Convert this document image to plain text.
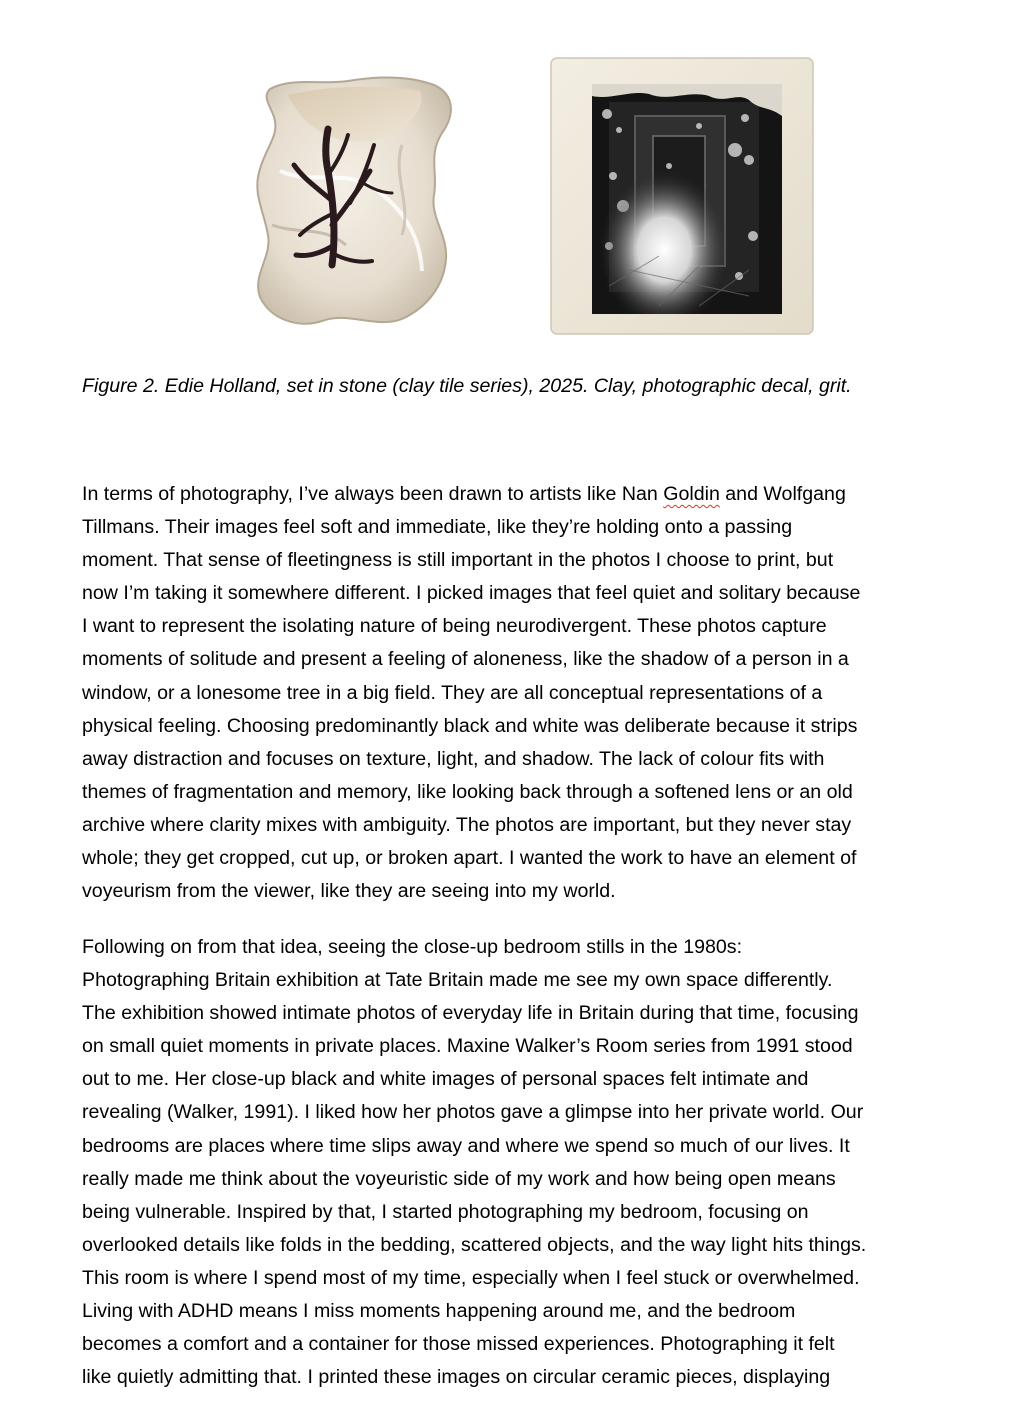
Figure 2. Edie Holland, set in stone (clay tile series), 2025. Clay, photographic decal, grit.
In terms of photography, I’ve always been drawn to artists like Nan Goldin and Wolfgang
Tillmans. Their images feel soft and immediate, like they’re holding onto a passing
moment. That sense of fleetingness is still important in the photos I choose to print, but
now I’m taking it somewhere different. I picked images that feel quiet and solitary because
I want to represent the isolating nature of being neurodivergent. These photos capture
moments of solitude and present a feeling of aloneness, like the shadow of a person in a
window, or a lonesome tree in a big field. They are all conceptual representations of a
physical feeling. Choosing predominantly black and white was deliberate because it strips
away distraction and focuses on texture, light, and shadow. The lack of colour fits with
themes of fragmentation and memory, like looking back through a softened lens or an old
archive where clarity mixes with ambiguity. The photos are important, but they never stay
whole; they get cropped, cut up, or broken apart. I wanted the work to have an element of
voyeurism from the viewer, like they are seeing into my world.
Following on from that idea, seeing the close-up bedroom stills in the 1980s:
Photographing Britain exhibition at Tate Britain made me see my own space differently.
The exhibition showed intimate photos of everyday life in Britain during that time, focusing
on small quiet moments in private places. Maxine Walker’s Room series from 1991 stood
out to me. Her close-up black and white images of personal spaces felt intimate and
revealing (Walker, 1991). I liked how her photos gave a glimpse into her private world. Our
bedrooms are places where time slips away and where we spend so much of our lives. It
really made me think about the voyeuristic side of my work and how being open means
being vulnerable. Inspired by that, I started photographing my bedroom, focusing on
overlooked details like folds in the bedding, scattered objects, and the way light hits things.
This room is where I spend most of my time, especially when I feel stuck or overwhelmed.
Living with ADHD means I miss moments happening around me, and the bedroom
becomes a comfort and a container for those missed experiences. Photographing it felt
like quietly admitting that. I printed these images on circular ceramic pieces, displaying
